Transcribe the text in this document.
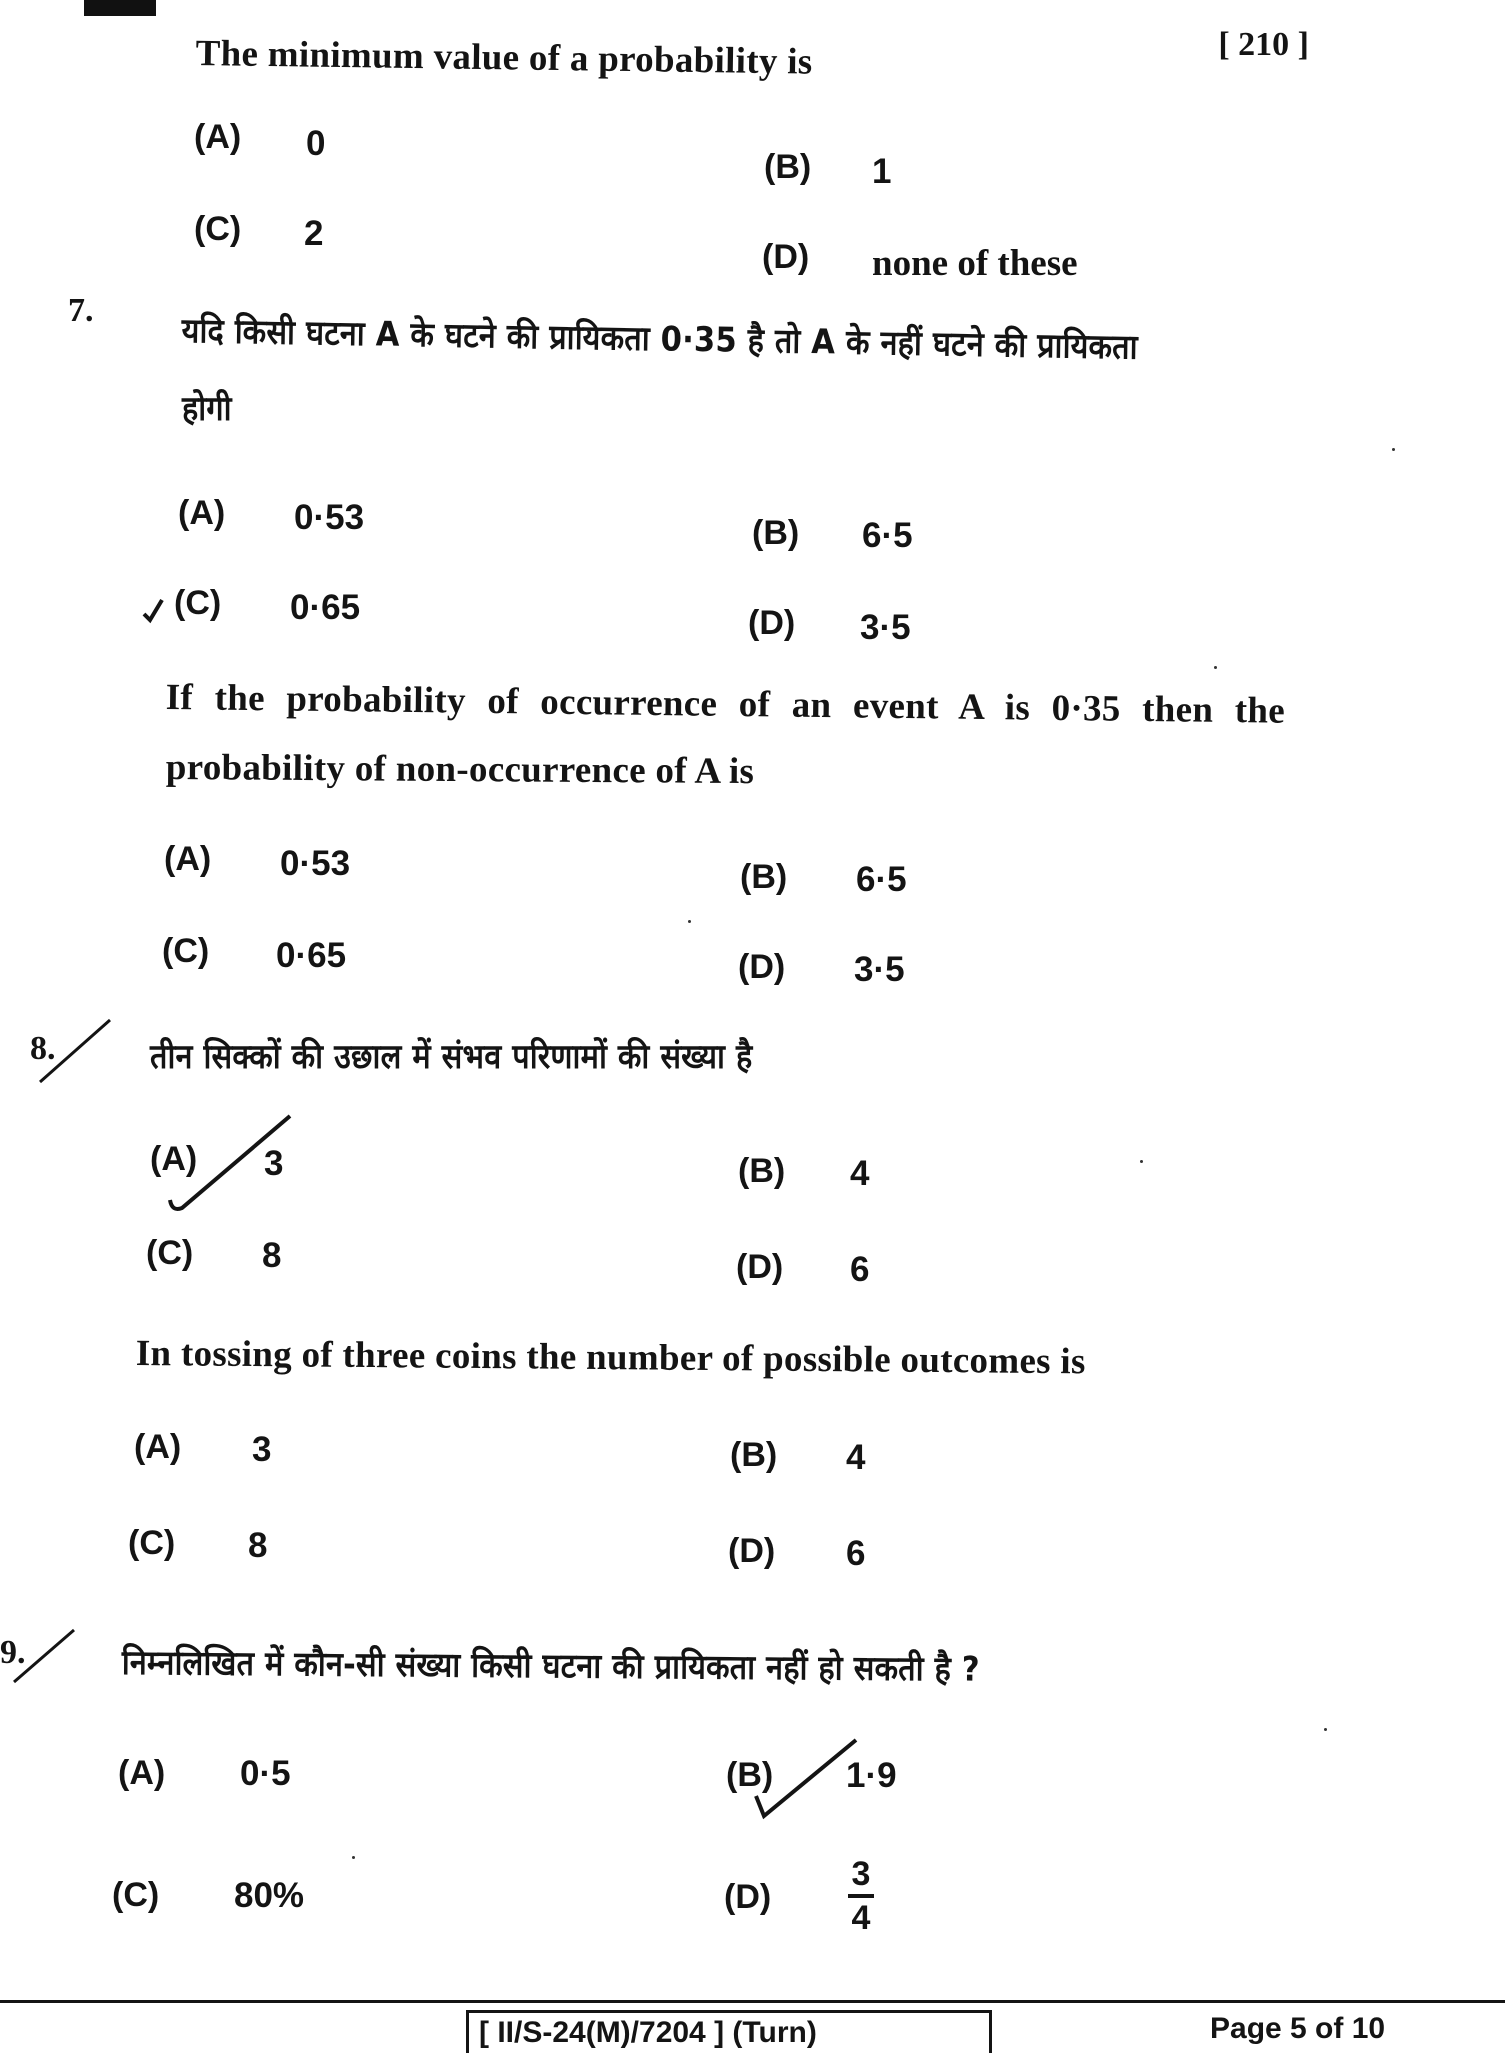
[ 210 ]
The minimum value of a probability is
(A) 0
(B) 1
(C) 2
(D) none of these
7.
यदि किसी घटना A के घटने की प्रायिकता 0·35 है तो A के नहीं घटने की प्रायिकता
होगी
(A) 0·53	(B) 6·5
(C) 0·65	(D) 3·5
If the probability of occurrence of an event A is 0·35 then the
probability of non-occurrence of A is
(A) 0·53	(B) 6·5
(C) 0·65	(D) 3·5
8.	तीन सिक्कों की उछाल में संभव परिणामों की संख्या है
(A) 3	(B) 4
(C) 8	(D) 6
In tossing of three coins the number of possible outcomes is
(A) 3	(B) 4
(C) 8	(D) 6
9.	निम्नलिखित में कौन-सी संख्या किसी घटना की प्रायिकता नहीं हो सकती है ?
(A) 0·5	(B) 1·9
(C) 80%	(D)
3
4
[ II/S-24(M)/7204 ] (Turn)	Page 5 of 10
